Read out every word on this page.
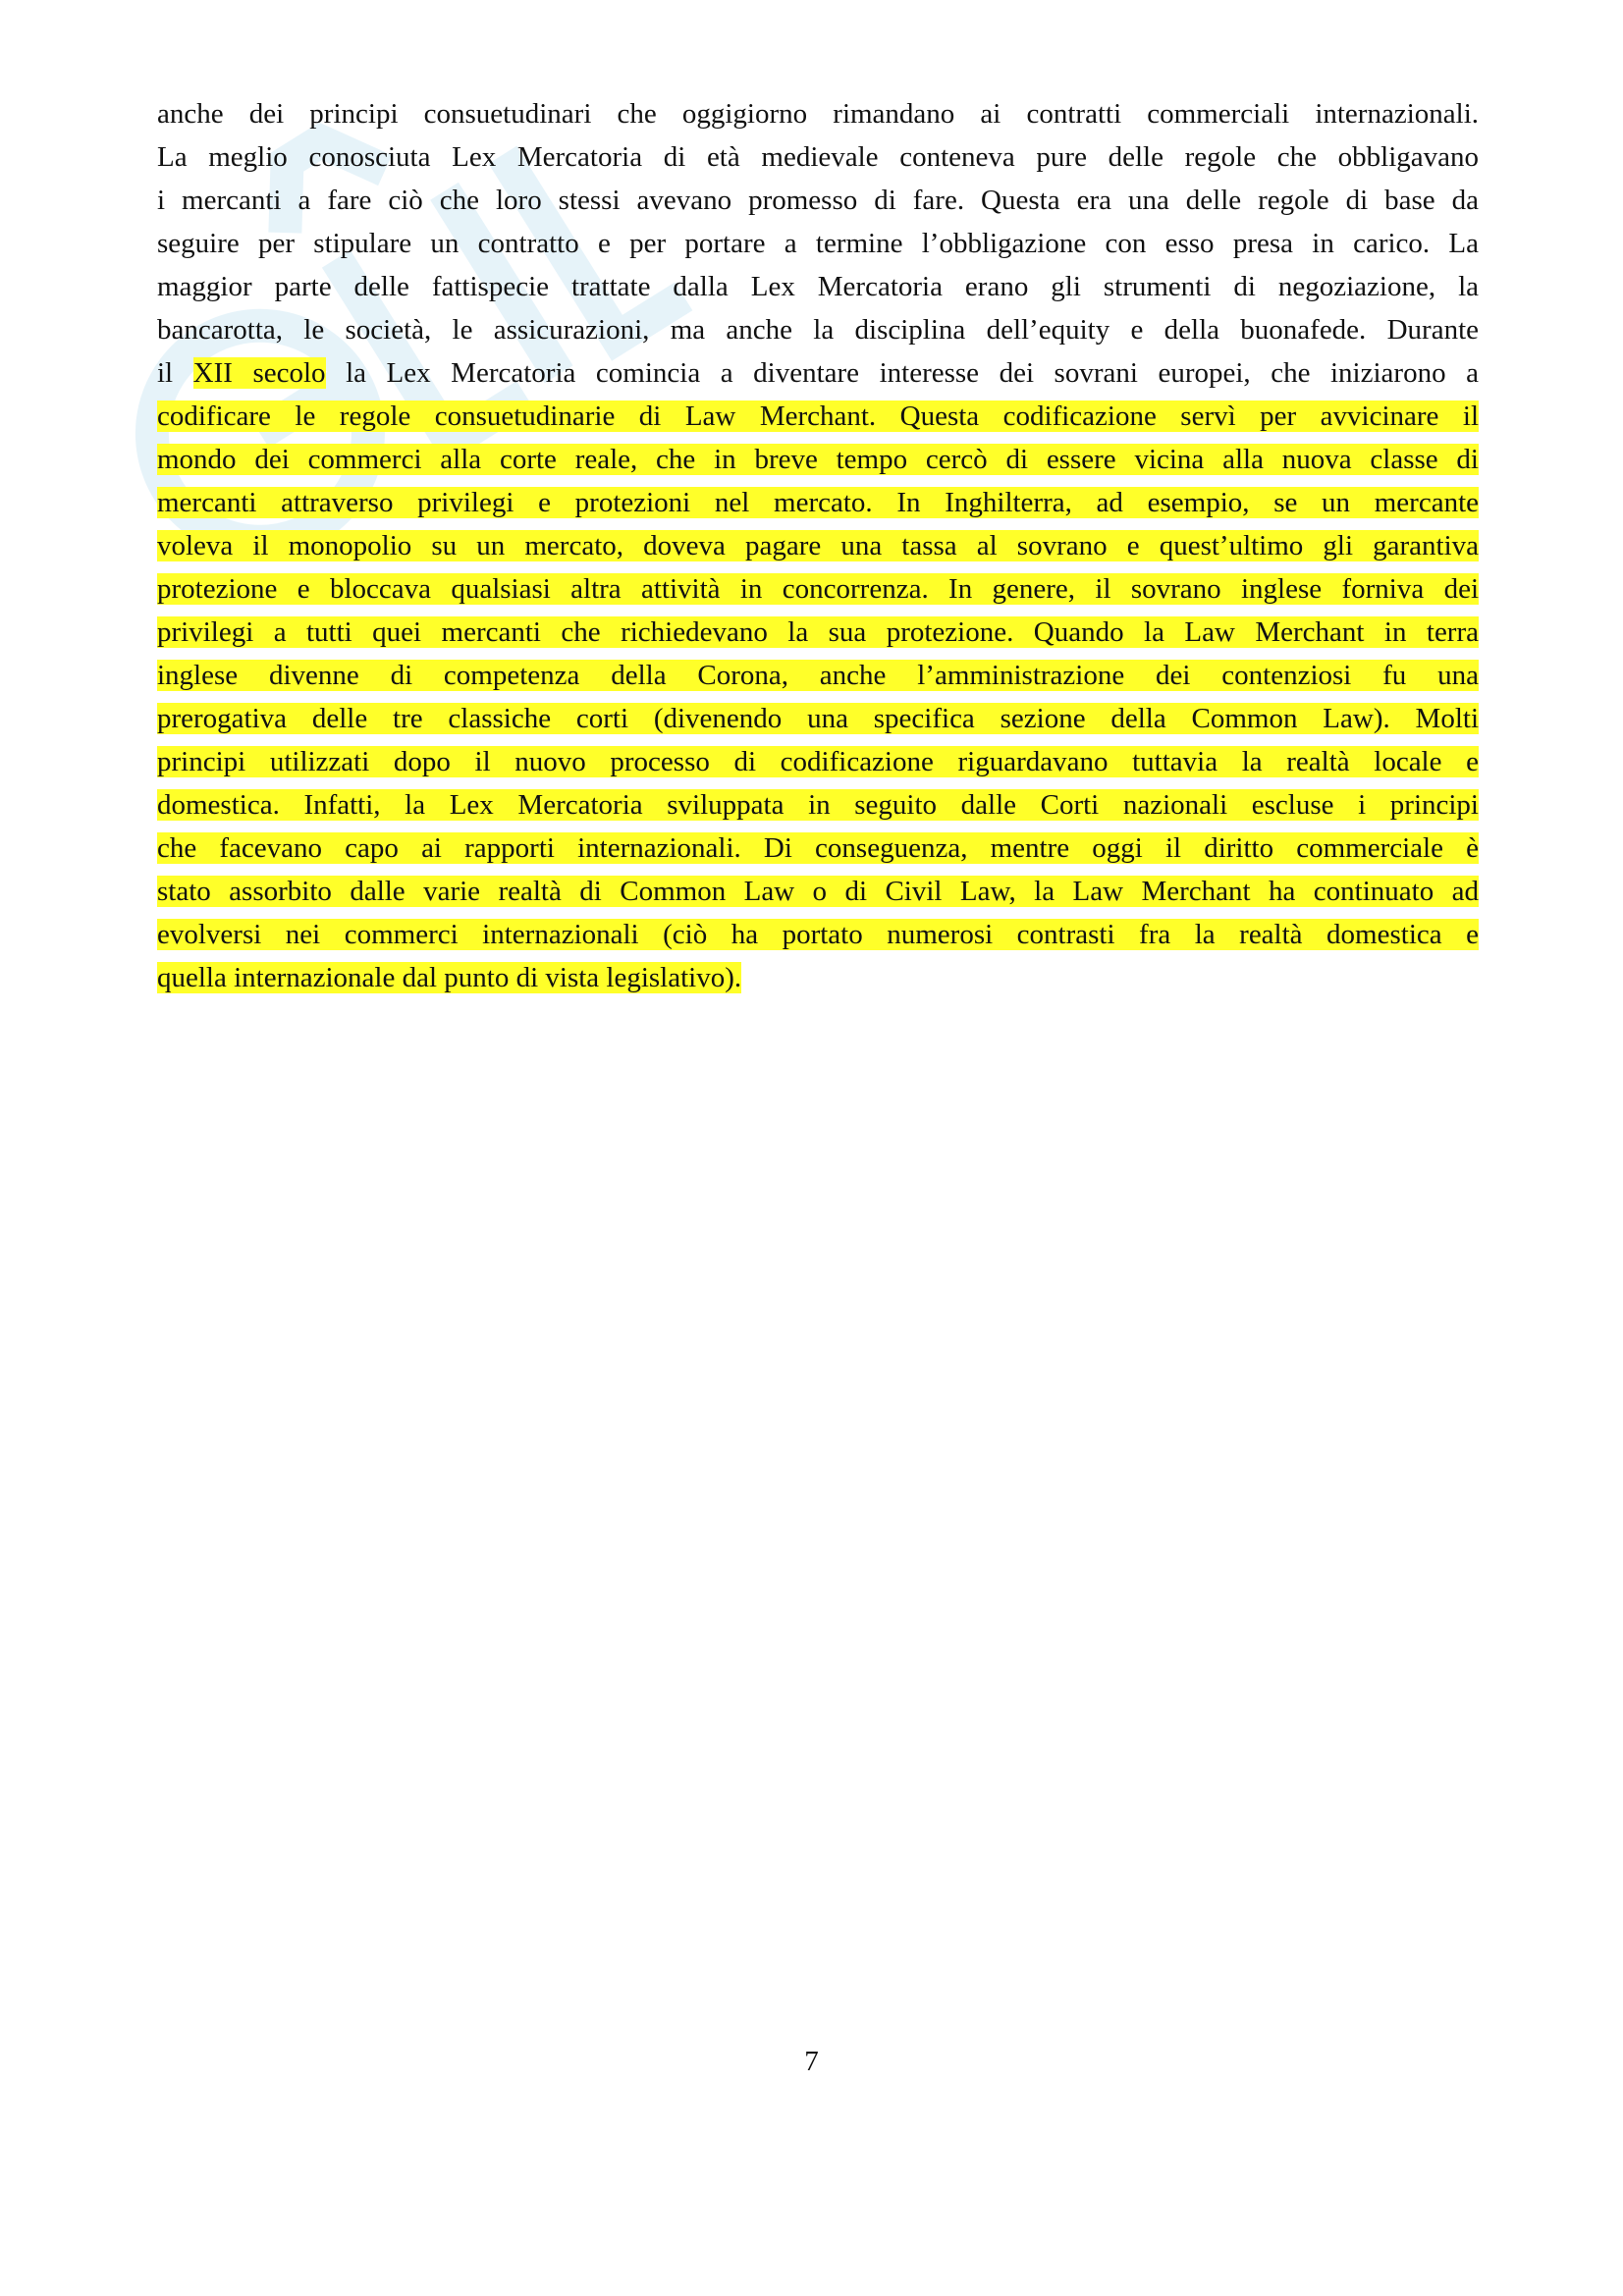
anche dei principi consuetudinari che oggigiorno rimandano ai contratti commerciali internazionali.
La meglio conosciuta Lex Mercatoria di età medievale conteneva pure delle regole che obbligavano
i mercanti a fare ciò che loro stessi avevano promesso di fare. Questa era una delle regole di base da
seguire per stipulare un contratto e per portare a termine l’obbligazione con esso presa in carico. La
maggior parte delle fattispecie trattate dalla Lex Mercatoria erano gli strumenti di negoziazione, la
bancarotta, le società, le assicurazioni, ma anche la disciplina dell’equity e della buonafede. Durante
il XII secolo la Lex Mercatoria comincia a diventare interesse dei sovrani europei, che iniziarono a
codificare le regole consuetudinarie di Law Merchant. Questa codificazione servì per avvicinare il
mondo dei commerci alla corte reale, che in breve tempo cercò di essere vicina alla nuova classe di
mercanti attraverso privilegi e protezioni nel mercato. In Inghilterra, ad esempio, se un mercante
voleva il monopolio su un mercato, doveva pagare una tassa al sovrano e quest’ultimo gli garantiva
protezione e bloccava qualsiasi altra attività in concorrenza. In genere, il sovrano inglese forniva dei
privilegi a tutti quei mercanti che richiedevano la sua protezione. Quando la Law Merchant in terra
inglese divenne di competenza della Corona, anche l’amministrazione dei contenziosi fu una
prerogativa delle tre classiche corti (divenendo una specifica sezione della Common Law). Molti
principi utilizzati dopo il nuovo processo di codificazione riguardavano tuttavia la realtà locale e
domestica. Infatti, la Lex Mercatoria sviluppata in seguito dalle Corti nazionali escluse i principi
che facevano capo ai rapporti internazionali. Di conseguenza, mentre oggi il diritto commerciale è
stato assorbito dalle varie realtà di Common Law o di Civil Law, la Law Merchant ha continuato ad
evolversi nei commerci internazionali (ciò ha portato numerosi contrasti fra la realtà domestica e
quella internazionale dal punto di vista legislativo).
7
